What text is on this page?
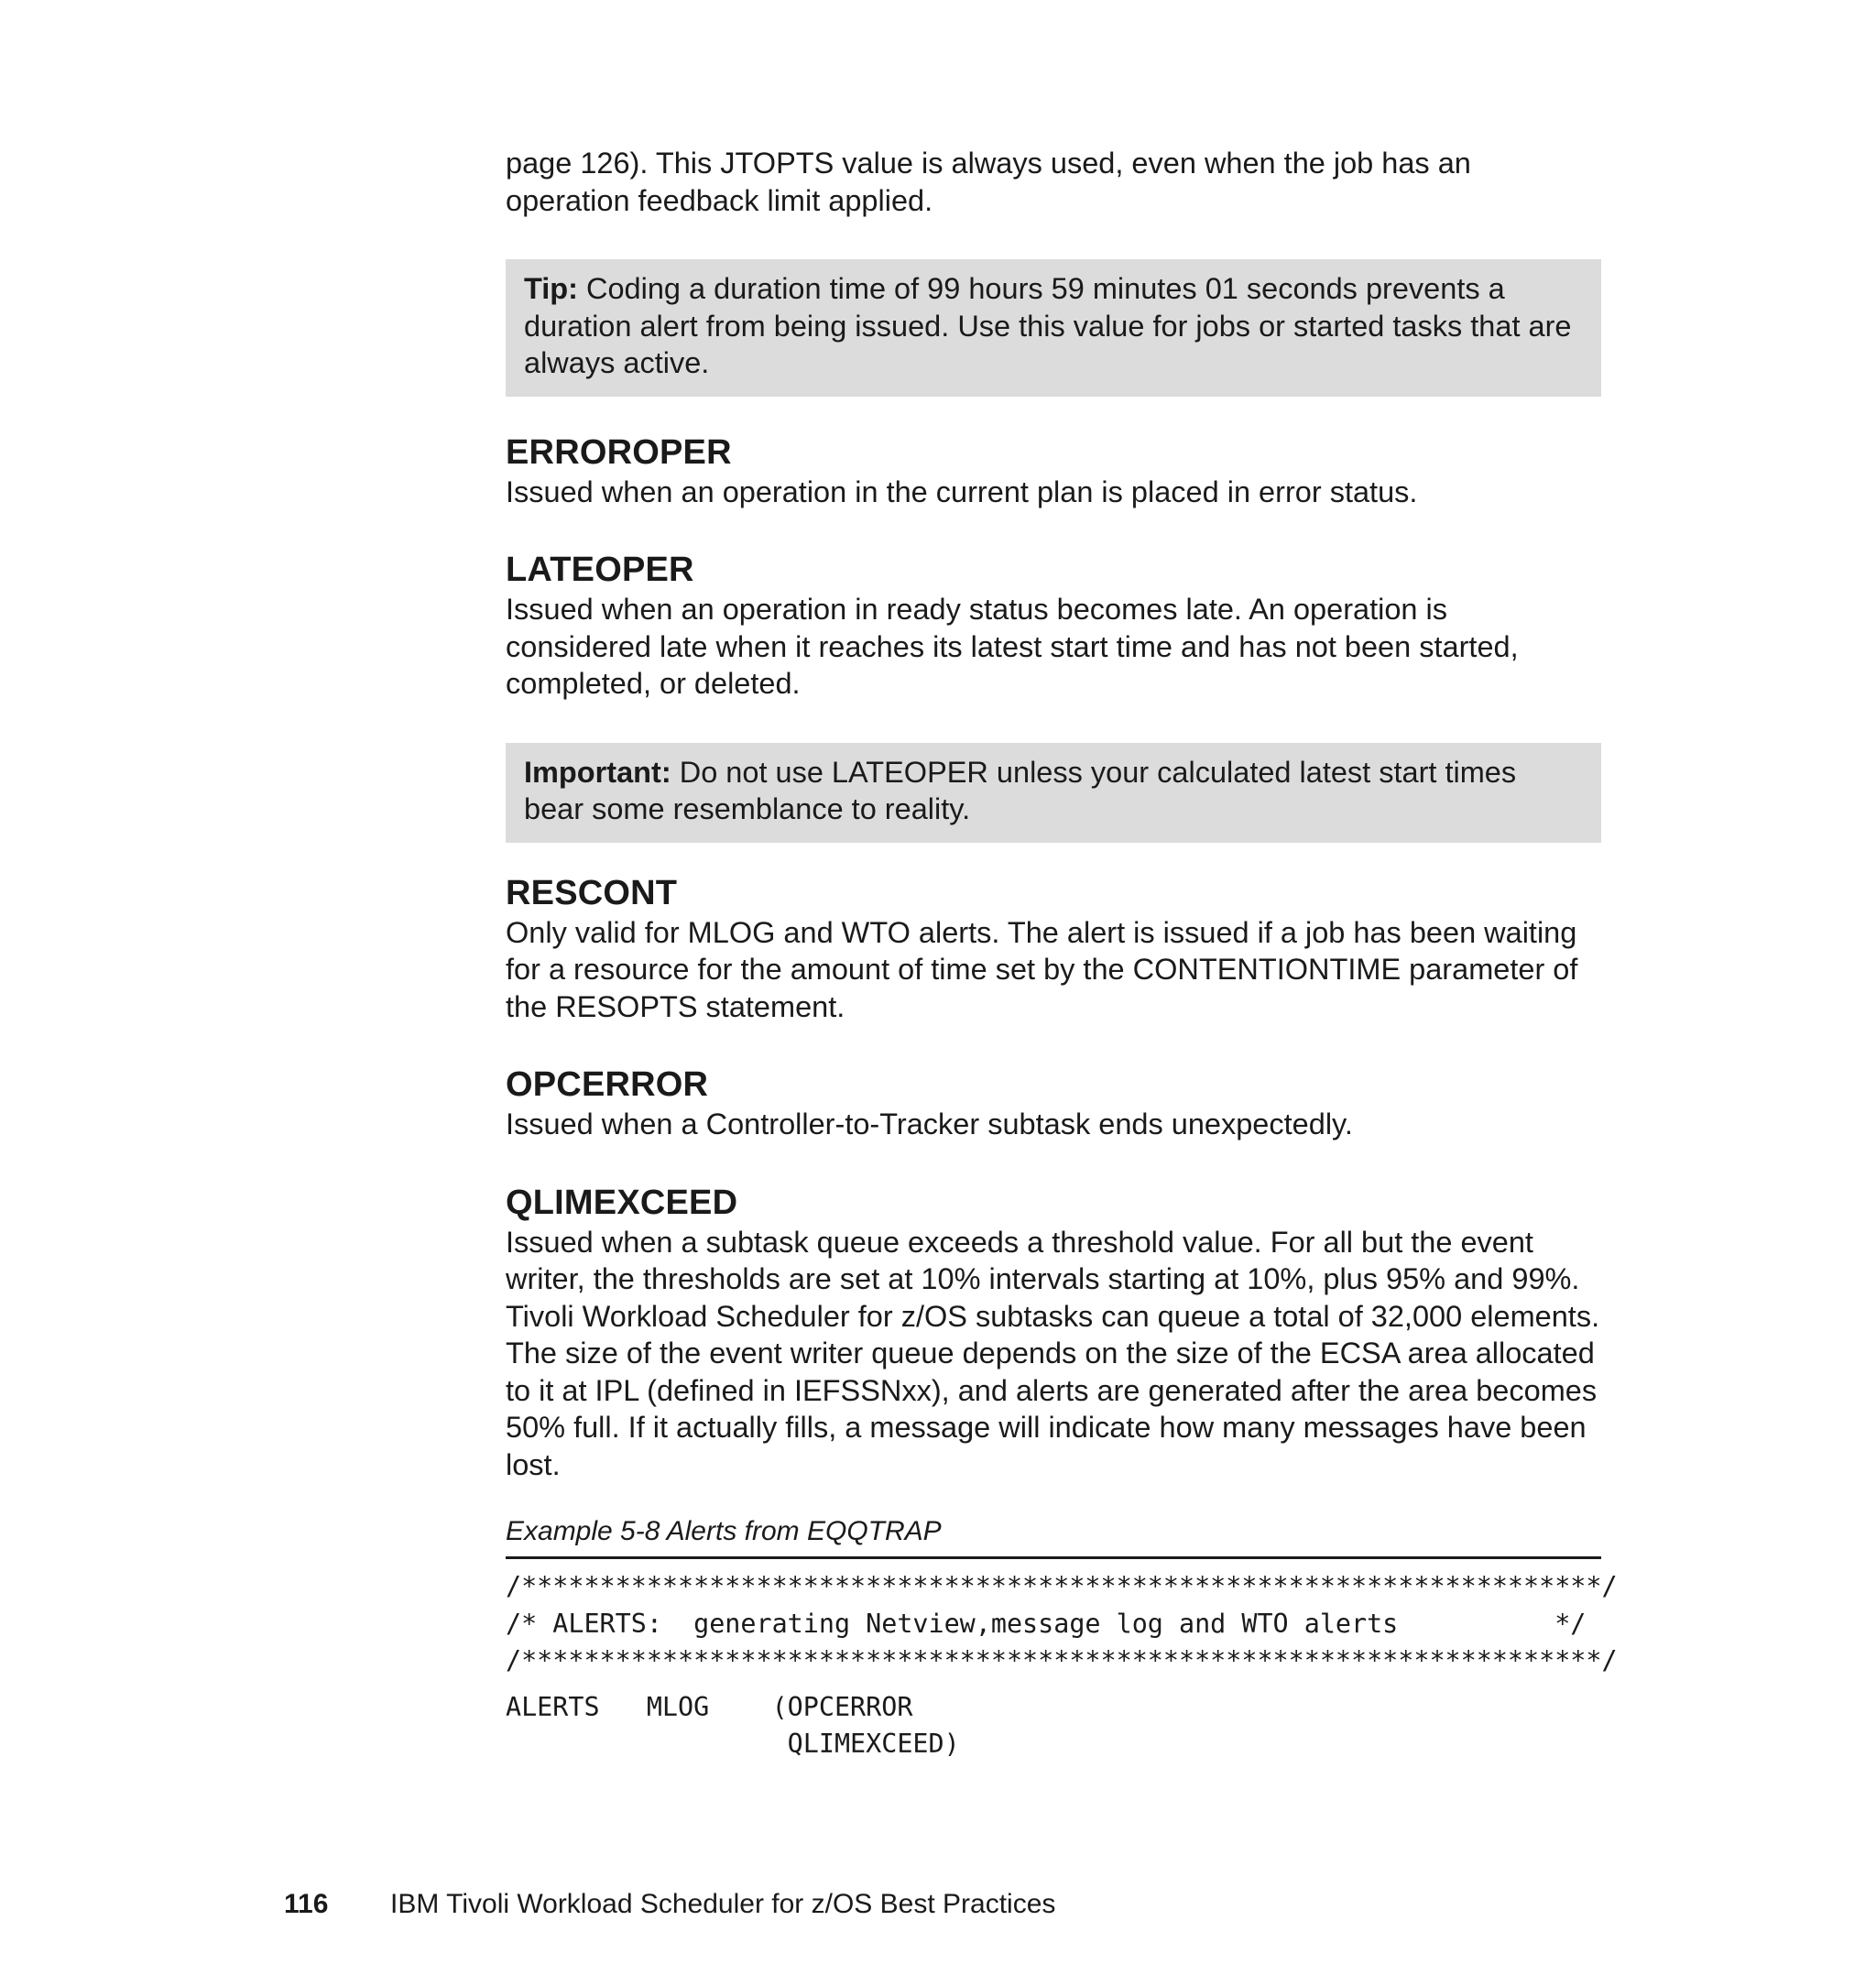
page 126). This JTOPTS value is always used, even when the job has an operation feedback limit applied.

Tip: Coding a duration time of 99 hours 59 minutes 01 seconds prevents a duration alert from being issued. Use this value for jobs or started tasks that are always active.
ERROROPER

Issued when an operation in the current plan is placed in error status.

LATEOPER

Issued when an operation in ready status becomes late. An operation is considered late when it reaches its latest start time and has not been started, completed, or deleted.

Important: Do not use LATEOPER unless your calculated latest start times bear some resemblance to reality.
RESCONT

Only valid for MLOG and WTO alerts. The alert is issued if a job has been waiting for a resource for the amount of time set by the CONTENTIONTIME parameter of the RESOPTS statement.

OPCERROR

Issued when a Controller-to-Tracker subtask ends unexpectedly.

QLIMEXCEED

Issued when a subtask queue exceeds a threshold value. For all but the event writer, the thresholds are set at 10% intervals starting at 10%, plus 95% and 99%. Tivoli Workload Scheduler for z/OS subtasks can queue a total of 32,000 elements. The size of the event writer queue depends on the size of the ECSA area allocated to it at IPL (defined in IEFSSNxx), and alerts are generated after the area becomes 50% full. If it actually fills, a message will indicate how many messages have been lost.

Example 5-8 Alerts from EQQTRAP

/*********************************************************************/
/* ALERTS:  generating Netview,message log and WTO alerts          */
/*********************************************************************/
ALERTS   MLOG    (OPCERROR
QLIMEXCEED)
116 IBM Tivoli Workload Scheduler for z/OS Best Practices
